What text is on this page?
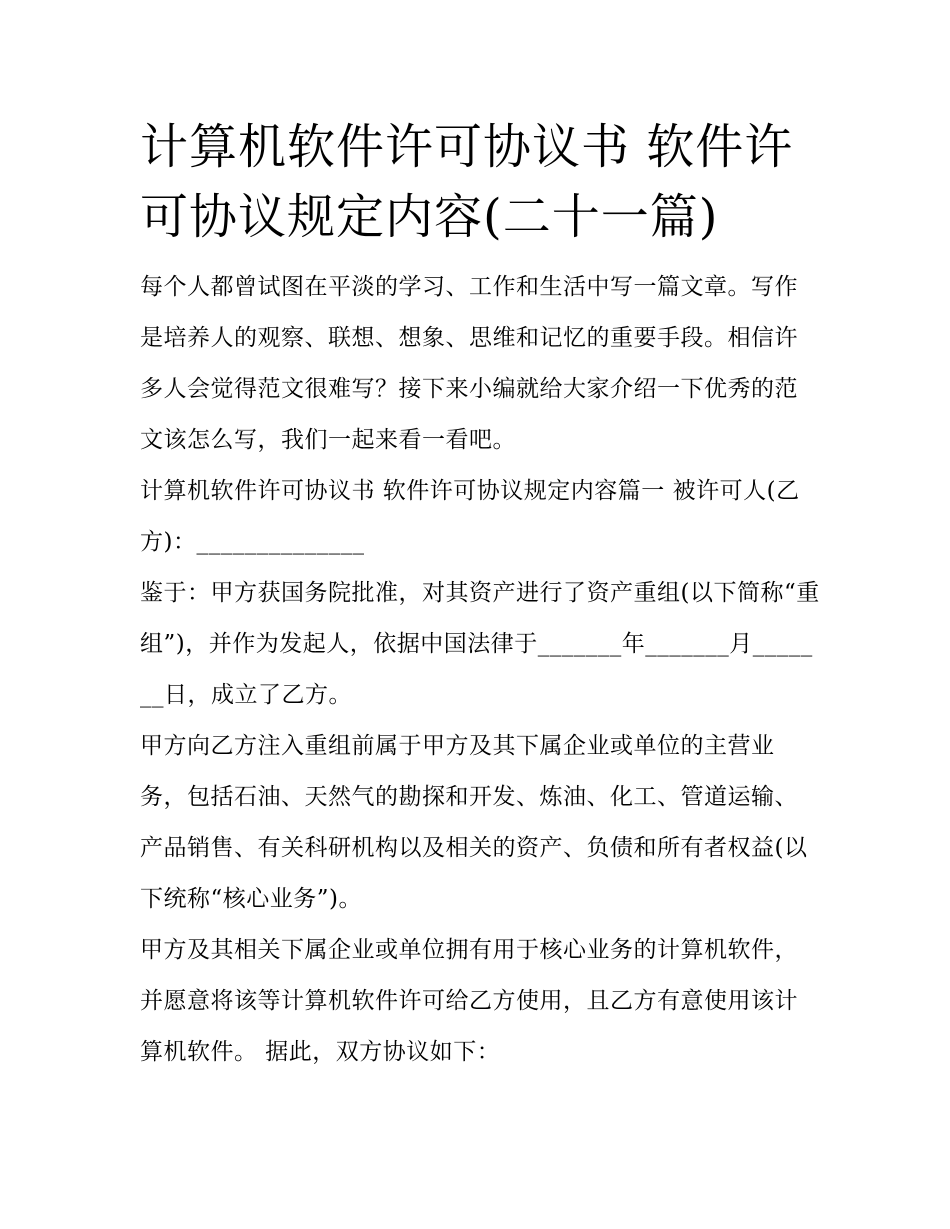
计算机软件许可协议书 软件许可协议规定内容(二十一篇)

每个人都曾试图在平淡的学习、工作和生活中写一篇文章。写作是培养人的观察、联想、想象、思维和记忆的重要手段。相信许多人会觉得范文很难写？接下来小编就给大家介绍一下优秀的范文该怎么写，我们一起来看一看吧。

计算机软件许可协议书 软件许可协议规定内容篇一 被许可人(乙方)：______________

鉴于：甲方获国务院批准，对其资产进行了资产重组(以下简称“重组”)，并作为发起人，依据中国法律于_______年_______月_______日，成立了乙方。

甲方向乙方注入重组前属于甲方及其下属企业或单位的主营业务，包括石油、天然气的勘探和开发、炼油、化工、管道运输、产品销售、有关科研机构以及相关的资产、负债和所有者权益(以下统称“核心业务”)。

甲方及其相关下属企业或单位拥有用于核心业务的计算机软件，并愿意将该等计算机软件许可给乙方使用，且乙方有意使用该计算机软件。 据此，双方协议如下：
